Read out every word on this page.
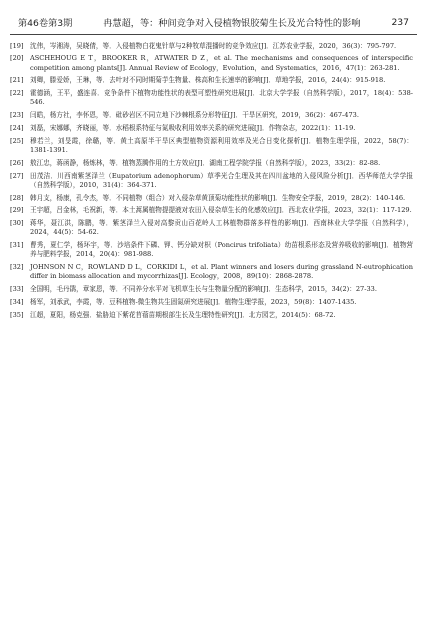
第46卷第3期	冉慧超，等：种间竞争对入侵植物银胶菊生长及光合特性的影响	237
[19] 沈伟，岑湘涛，吴晓倩，等．入侵植物白花鬼针草与2种牧草混播时的竞争效应[J]．江苏农业学报，2020，36(3)：795-797.
[20] ASCHEHOUG E T，BROOKER R，ATWATER D Z，et al. The mechanisms and consequences of interspecific competition among plants[J]. Annual Review of Ecology，Evolution，and Systematics，2016，47(1)：263-281.
[21] 刘卿，滕爱娇，王琳，等．去叶对不同时期菊芋生物量、株高和生长速率的影响[J]．草地学报，2016，24(4)：915-918.
[22] 霍德涵，王平，盛连喜．竞争条件下植物功能性状的表型可塑性研究进展[J]．北京大学学报（自然科学版），2017，18(4)：538-546.
[23] 闫皓，杨方社，李怀恩，等．砒砂岩区不同立地下沙棘根系分形特征[J]．干旱区研究，2019，36(2)：467-473.
[24] 刘磊，宋娜娜，齐晓丽，等．水稻根系特征与氮吸收利用效率关系的研究进展[J]．作物杂志，2022(1)：11-19.
[25] 穆若兰，刘旻霞，徐璐，等．黄土高原半干旱区典型植物资源利用效率及光合日变化探析[J]．植物生理学报，2022，58(7)：1381-1391.
[26] 敖江忠，蒋函静，杨炼林，等．植物蒸腾作用的土方效应[J]．湖南工程学院学报（自然科学版），2023，33(2)：82-88.
[27] 田茂洁．川西南紫茎泽兰（Eupatorium adenophorum）草季光合生理及其在四川盆地的入侵风险分析[J]．西华师范大学学报（自然科学版），2010，31(4)：364-371.
[28] 韩月支，杨康，孔令杰，等．不同植物（组合）对入侵杂草黄顶菊功能性状的影响[J]．生物安全学报，2019，28(2)：140-146.
[29] 王宇超，吕金林，毛祝新，等．本土蒿属植物提提液对农田入侵杂草生长的化感效应[J]．西北农业学报，2023，32(1)：117-129.
[30] 蒋华，聂江洪，陈鹏，等．紫茎泽兰入侵对高黎贡山百花岭人工林植物群落多样性的影响[J]．西南林业大学学报（自然科学），2024，44(5)：54-62.
[31] 曹秀，夏仁学，杨环宇，等．沙培条件下磷、钾、钙分缺对枳（Poncirus trifoliata）幼苗根系形态及营养吸收的影响[J]．植物营养与肥料学报，2014，20(4)：981-988.
[32] JOHNSON N C，ROWLAND D L，CORKIDI L，et al. Plant winners and losers during grassland N-eutrophication differ in biomass allocation and mycorrhizas[J]. Ecology，2008，89(10)：2868-2878.
[33] 全国明，毛丹鹃，章家恩，等．不同养分水平对飞机草生长与生物量分配的影响[J]．生态科学，2015，34(2)：27-33.
[34] 杨军，刘承武，李霞，等．豆科植物-微生物共生固氮研究进展[J]．植物生理学报，2023，59(8)：1407-1435.
[35] 江超，夏阳，杨克强．盐胁迫下紫花苜蓿苗期根部生长及生理特性研究[J]．北方园艺，2014(5)：68-72.
